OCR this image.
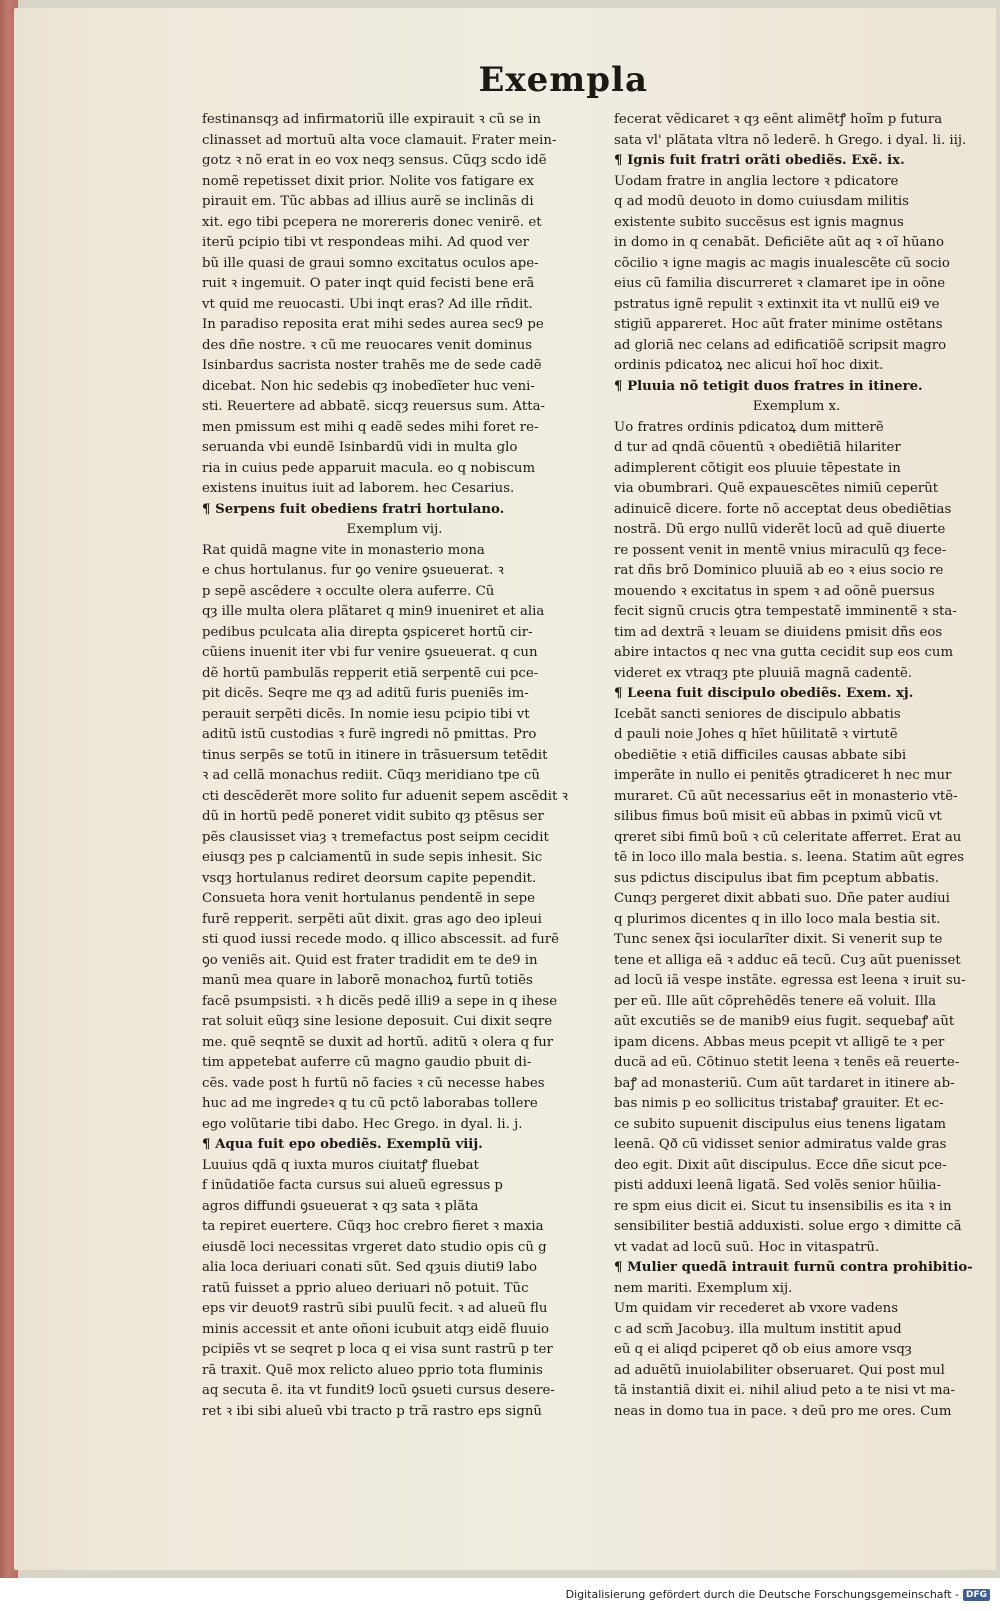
Exempla
festinansqȝ ad infirmatoriũ ille expirauit ꝛ cũ se in
clinasset ad mortuũ alta voce clamauit. Frater mein-
gotz ꝛ nõ erat in eo vox neqȝ sensus. Cũqȝ scdo idẽ
nomẽ repetisset dixit prior. Nolite vos fatigare ex
pirauit em. Tũc abbas ad illius aurẽ se inclinãs di
xit. ego tibi pcepera ne morereris donec venirẽ. et
iterũ pcipio tibi vt respondeas mihi. Ad quod ver
bũ ille quasi de graui somno excitatus oculos ape-
ruit ꝛ ingemuit. O pater inqt quid fecisti bene erã
vt quid me reuocasti. Ubi inqt eras? Ad ille rñdit.
In paradiso reposita erat mihi sedes aurea sec9 pe
des dñe nostre. ꝛ cũ me reuocares venit dominus
Isinbardus sacrista noster trahẽs me de sede cadẽ
dicebat. Non hic sedebis qȝ inobedĩeter huc veni-
sti. Reuertere ad abbatẽ. sicqȝ reuersus sum. Atta-
men pmissum est mihi q eadẽ sedes mihi foret re-
seruanda vbi eundẽ Isinbardũ vidi in multa glo
ria in cuius pede apparuit macula. eo q nobiscum
existens inuitus iuit ad laborem. hec Cesarius.
¶ Serpens fuit obediens fratri hortulano.
Exemplum vij.
Rat quidã magne vite in monasterio mona
e chus hortulanus. fur ꝯo venire ꝯsueuerat. ꝛ
p sepẽ ascẽdere ꝛ occulte olera auferre. Cũ
qȝ ille multa olera plãtaret q min9 inueniret et alia
pedibus pculcata alia direpta ꝯspiceret hortũ cir-
cũiens inuenit iter vbi fur venire ꝯsueuerat. q cun
dẽ hortũ pambulãs repperit etiã serpentẽ cui pce-
pit dicẽs. Seqre me qȝ ad aditũ furis pueniẽs im-
perauit serpẽti dicẽs. In nomie iesu pcipio tibi vt
aditũ istũ custodias ꝛ furẽ ingredi nõ pmittas. Pro
tinus serpẽs se totũ in itinere in trãsuersum tetẽdit
ꝛ ad cellã monachus rediit. Cũqȝ meridiano tpe cũ
cti descẽderẽt more solito fur aduenit sepem ascẽdit ꝛ
dũ in hortũ pedẽ poneret vidit subito qȝ ptẽsus ser
pẽs clausisset viaȝ ꝛ tremefactus post seipm cecidit
eiusqȝ pes p calciamentũ in sude sepis inhesit. Sic
vsqȝ hortulanus rediret deorsum capite pependit.
Consueta hora venit hortulanus pendentẽ in sepe
furẽ repperit. serpẽti aũt dixit. gras ago deo ipleui
sti quod iussi recede modo. q illico abscessit. ad furẽ
ꝯo veniẽs ait. Quid est frater tradidit em te de9 in
manũ mea quare in laborẽ monachoꝝ furtũ totiẽs
facẽ psumpsisti. ꝛ h dicẽs pedẽ illi9 a sepe in q ihese
rat soluit eũqȝ sine lesione deposuit. Cui dixit seqre
me. quẽ seqntẽ se duxit ad hortũ. aditũ ꝛ olera q fur
tim appetebat auferre cũ magno gaudio pbuit di-
cẽs. vade post h furtũ nõ facies ꝛ cũ necesse habes
huc ad me ingredeꝛ q tu cũ pctõ laborabas tollere
ego volũtarie tibi dabo. Hec Grego. in dyal. li. j.
¶ Aqua fuit epo obediẽs. Exemplũ viij.
Luuius qdã q iuxta muros ciuitatꝭ fluebat
f inũdatiõe facta cursus sui alueũ egressus p
agros diffundi ꝯsueuerat ꝛ qȝ sata ꝛ plãta
ta repiret euertere. Cũqȝ hoc crebro fieret ꝛ maxia
eiusdẽ loci necessitas vrgeret dato studio opis cũ g
alia loca deriuari conati sũt. Sed qȝuis diuti9 labo
ratũ fuisset a pprio alueo deriuari nõ potuit. Tũc
eps vir deuot9 rastrũ sibi puulũ fecit. ꝛ ad alueũ flu
minis accessit et ante oñoni icubuit atqȝ eidẽ fluuio
pcipiẽs vt se seqret p loca q ei visa sunt rastrũ p ter
rã traxit. Quẽ mox relicto alueo pprio tota fluminis
aq secuta ẽ. ita vt fundit9 locũ ꝯsueti cursus desere-
ret ꝛ ibi sibi alueũ vbi tracto p trã rastro eps signũ
fecerat vẽdicaret ꝛ qȝ eẽnt alimẽtꝭ hoĩm p futura
sata vl' plãtata vltra nõ lederẽ. h Grego. i dyal. li. iij.
¶ Ignis fuit fratri orãti obediẽs. Exẽ. ix.
Uodam fratre in anglia lectore ꝛ pdicatore
q ad modũ deuoto in domo cuiusdam militis
existente subito succẽsus est ignis magnus
in domo in q cenabãt. Deficiẽte aũt aq ꝛ oĩ hũano
cõcilio ꝛ igne magis ac magis inualescẽte cũ socio
eius cũ familia discurreret ꝛ clamaret ipe in oõne
pstratus ignẽ repulit ꝛ extinxit ita vt nullũ ei9 ve
stigiũ appareret. Hoc aũt frater minime ostẽtans
ad gloriã nec celans ad edificatiõẽ scripsit magro
ordinis pdicatoꝝ nec alicui hoĩ hoc dixit.
¶ Pluuia nõ tetigit duos fratres in itinere.
Exemplum x.
Uo fratres ordinis pdicatoꝝ dum mitterẽ
d tur ad qndã cõuentũ ꝛ obediẽtiã hilariter
adimplerent cõtigit eos pluuie tẽpestate in
via obumbrari. Quẽ expauescẽtes nimiũ ceperũt
adinuicẽ dicere. forte nõ acceptat deus obediẽtias
nostrã. Dũ ergo nullũ viderẽt locũ ad quẽ diuerte
re possent venit in mentẽ vnius miraculũ qȝ fece-
rat dñs brõ Dominico pluuiã ab eo ꝛ eius socio re
mouendo ꝛ excitatus in spem ꝛ ad oõnẽ puersus
fecit signũ crucis ꝯtra tempestatẽ imminentẽ ꝛ sta-
tim ad dextrã ꝛ leuam se diuidens pmisit dñs eos
abire intactos q nec vna gutta cecidit sup eos cum
videret ex vtraqȝ pte pluuiã magnã cadentẽ.
¶ Leena fuit discipulo obediẽs. Exem. xj.
Icebãt sancti seniores de discipulo abbatis
d pauli noie Johes q hĩet hũilitatẽ ꝛ virtutẽ
obediẽtie ꝛ etiã difficiles causas abbate sibi
imperãte in nullo ei penitẽs ꝯtradiceret h nec mur
muraret. Cũ aũt necessarius eẽt in monasterio vtẽ-
silibus fimus boũ misit eũ abbas in pximũ vicũ vt
qreret sibi fimũ boũ ꝛ cũ celeritate afferret. Erat au
tẽ in loco illo mala bestia. s. leena. Statim aũt egres
sus pdictus discipulus ibat fim pceptum abbatis.
Cunqȝ pergeret dixit abbati suo. Dñe pater audiui
q plurimos dicentes q in illo loco mala bestia sit.
Tunc senex q̃si iocularĩter dixit. Si venerit sup te
tene et alliga eã ꝛ adduc eã tecũ. Cuȝ aũt puenisset
ad locũ iã vespe instãte. egressa est leena ꝛ iruit su-
per eũ. Ille aũt cõprehẽdẽs tenere eã voluit. Illa
aũt excutiẽs se de manib9 eius fugit. sequebaꝭ aũt
ipam dicens. Abbas meus pcepit vt alligẽ te ꝛ per
ducã ad eũ. Cõtinuo stetit leena ꝛ tenẽs eã reuerte-
baꝭ ad monasteriũ. Cum aũt tardaret in itinere ab-
bas nimis p eo sollicitus tristabaꝭ grauiter. Et ec-
ce subito supuenit discipulus eius tenens ligatam
leenã. Qð cũ vidisset senior admiratus valde gras
deo egit. Dixit aũt discipulus. Ecce dñe sicut pce-
pisti adduxi leenã ligatã. Sed volẽs senior hũilia-
re spm eius dicit ei. Sicut tu insensibilis es ita ꝛ in
sensibiliter bestiã adduxisti. solue ergo ꝛ dimitte cã
vt vadat ad locũ suũ. Hoc in vitaspatrũ.
¶ Mulier quedã intrauit furnũ contra prohibitio-
nem mariti. Exemplum xij.
Um quidam vir recederet ab vxore vadens
c ad scm̃ Jacobuȝ. illa multum institit apud
eũ q ei aliqd pciperet qð ob eius amore vsqȝ
ad aduẽtũ inuiolabiliter obseruaret. Qui post mul
tã instantiã dixit ei. nihil aliud peto a te nisi vt ma-
neas in domo tua in pace. ꝛ deũ pro me ores. Cum
Digitalisierung gefördert durch die Deutsche Forschungsgemeinschaft - DFG
